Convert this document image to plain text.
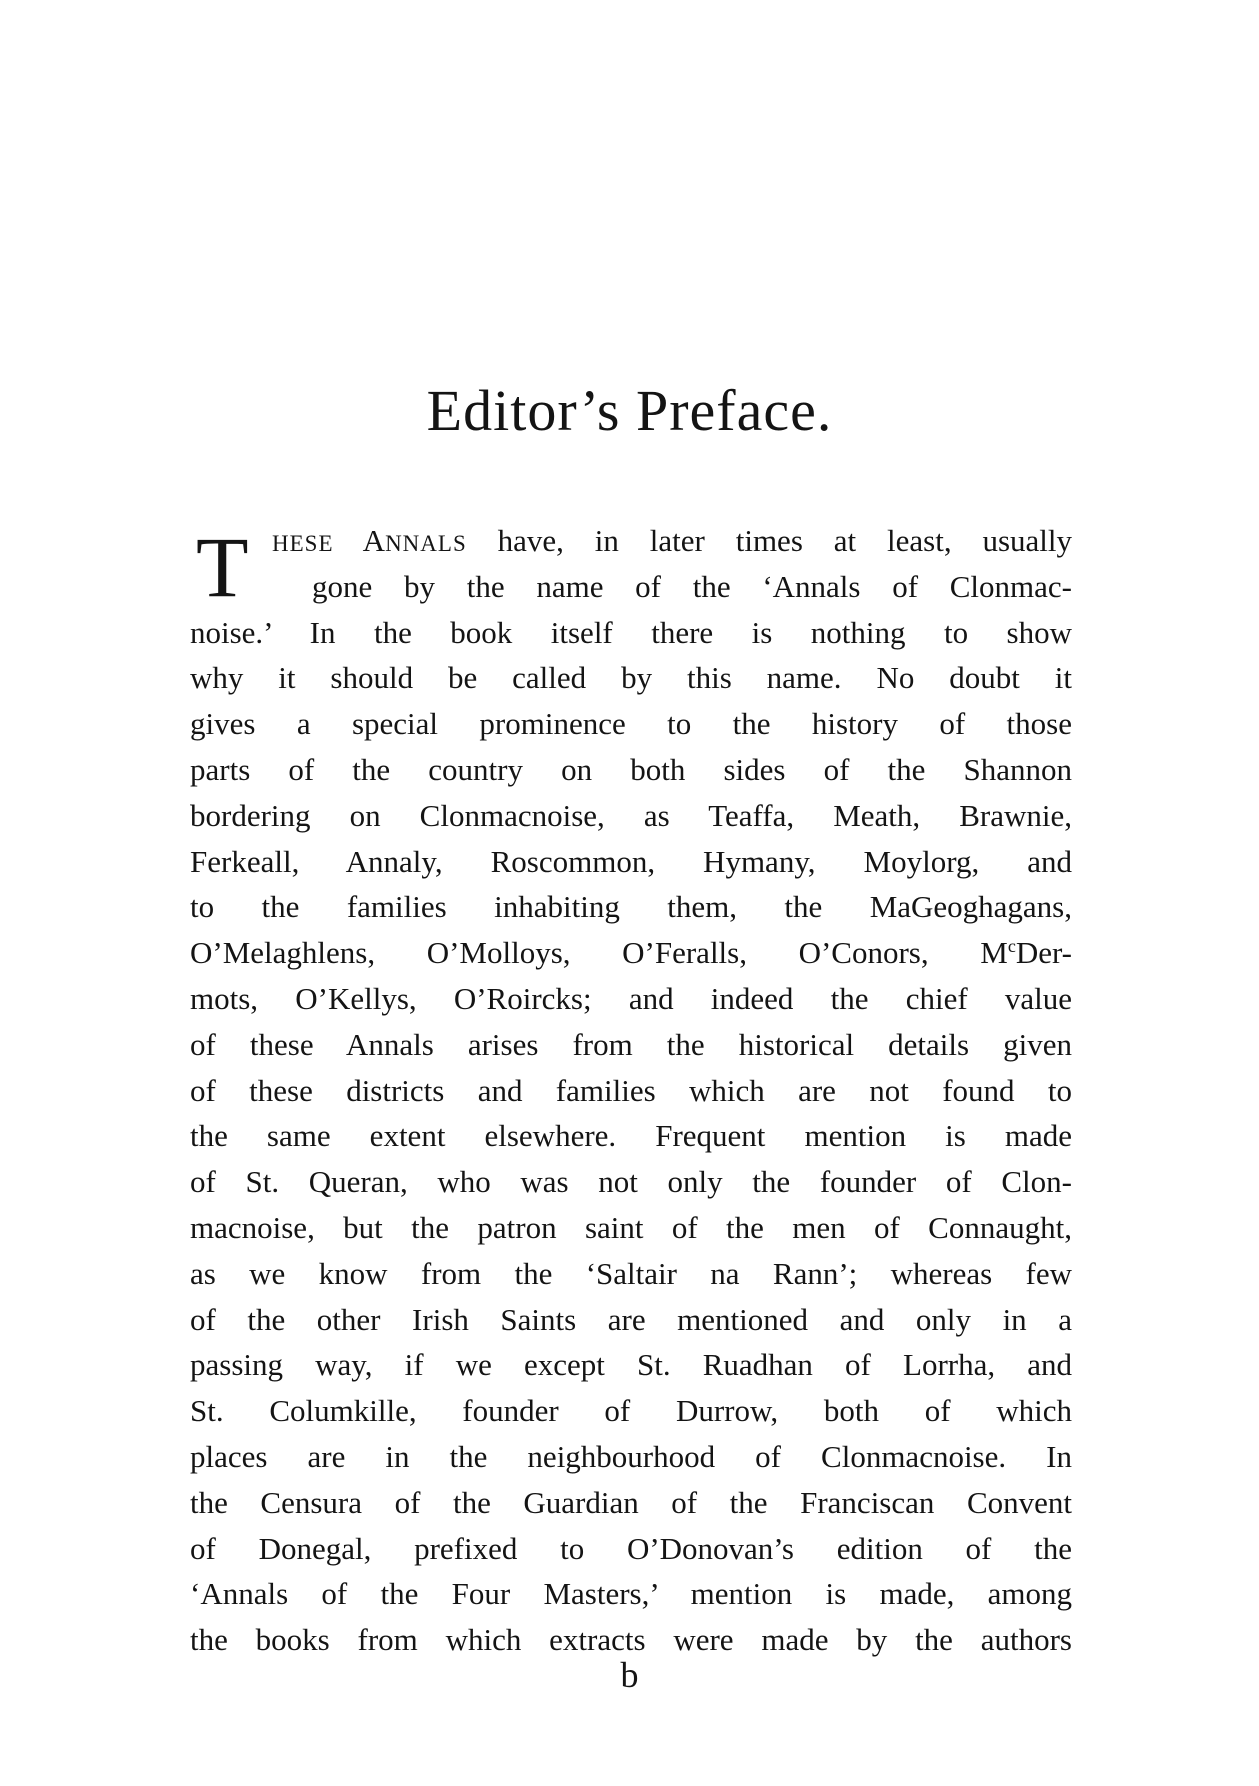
Editor’s Preface.
T	HESE ANNALS have, in later times at least, usually
gone by the name of the ‘Annals of Clonmac-
noise.’ In the book itself there is nothing to show
why it should be called by this name. No doubt it
gives a special prominence to the history of those
parts of the country on both sides of the Shannon
bordering on Clonmacnoise, as Teaffa, Meath, Brawnie,
Ferkeall, Annaly, Roscommon, Hymany, Moylorg, and
to the families inhabiting them, the MaGeoghagans,
O’Melaghlens, O’Molloys, O’Feralls, O’Conors, $M^cDer-$
mots, O’Kellys, O’Roircks; and indeed the chief value
of these Annals arises from the historical details given
of these districts and families which are not found to
the same extent elsewhere. Frequent mention is made
of St. Queran, who was not only the founder of Clon-
macnoise, but the patron saint of the men of Connaught,
as we know from the ‘Saltair na Rann’; whereas few
of the other Irish Saints are mentioned and only in a
passing way, if we except St. Ruadhan of Lorrha, and
St. Columkille, founder of Durrow, both of which
places are in the neighbourhood of Clonmacnoise. In
the Censura of the Guardian of the Franciscan Convent
of Donegal, prefixed to O’Donovan’s edition of the
‘Annals of the Four Masters,’ mention is made, among
the books from which extracts were made by the authors
b
